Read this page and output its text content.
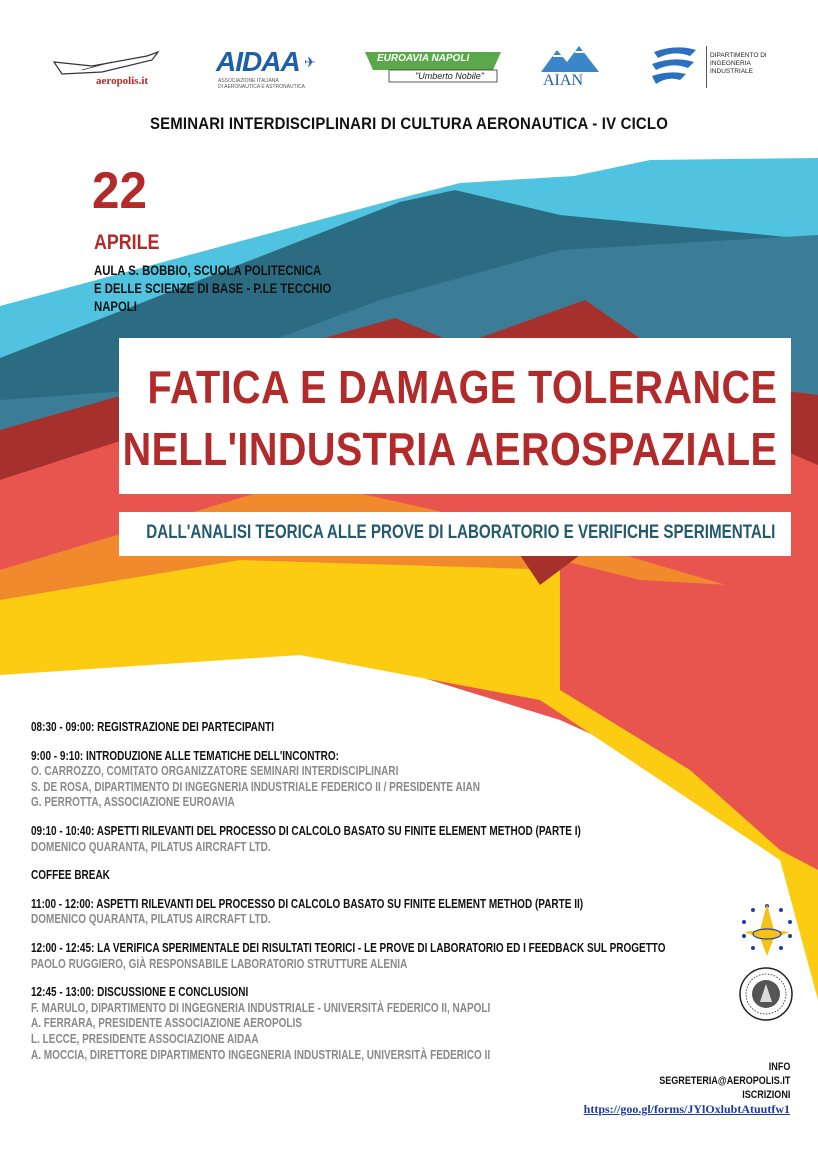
aeropolis.it
AIDAA ✈
ASSOCIAZIONE ITALIANA
DI AERONAUTICA E ASTRONAUTICA
EUROAVIA NAPOLI
"Umberto Nobile"	AIAN
DIPARTIMENTO DI
INGEGNERIA
INDUSTRIALE
SEMINARI INTERDISCIPLINARI DI CULTURA AERONAUTICA - IV CICLO
22
APRILE
AULA S. BOBBIO, SCUOLA POLITECNICA
E DELLE SCIENZE DI BASE - P.LE TECCHIO
NAPOLI
FATICA E DAMAGE TOLERANCE
NELL'INDUSTRIA AEROSPAZIALE
DALL'ANALISI TEORICA ALLE PROVE DI LABORATORIO E VERIFICHE SPERIMENTALI
08:30 - 09:00: REGISTRAZIONE DEI PARTECIPANTI
9:00 - 9:10: INTRODUZIONE ALLE TEMATICHE DELL'INCONTRO:
O. CARROZZO, COMITATO ORGANIZZATORE SEMINARI INTERDISCIPLINARI
S. DE ROSA, DIPARTIMENTO DI INGEGNERIA INDUSTRIALE FEDERICO II / PRESIDENTE AIAN
G. PERROTTA, ASSOCIAZIONE EUROAVIA
09:10 - 10:40: ASPETTI RILEVANTI DEL PROCESSO DI CALCOLO BASATO SU FINITE ELEMENT METHOD (PARTE I)
DOMENICO QUARANTA, PILATUS AIRCRAFT LTD.
COFFEE BREAK
11:00 - 12:00: ASPETTI RILEVANTI DEL PROCESSO DI CALCOLO BASATO SU FINITE ELEMENT METHOD (PARTE II)
DOMENICO QUARANTA, PILATUS AIRCRAFT LTD.
12:00 - 12:45: LA VERIFICA SPERIMENTALE DEI RISULTATI TEORICI - LE PROVE DI LABORATORIO ED I FEEDBACK SUL PROGETTO
PAOLO RUGGIERO, GIÀ RESPONSABILE LABORATORIO STRUTTURE ALENIA
12:45 - 13:00: DISCUSSIONE E CONCLUSIONI
F. MARULO, DIPARTIMENTO DI INGEGNERIA INDUSTRIALE - UNIVERSITÀ FEDERICO II, NAPOLI
A. FERRARA, PRESIDENTE ASSOCIAZIONE AEROPOLIS
L. LECCE, PRESIDENTE ASSOCIAZIONE AIDAA
A. MOCCIA, DIRETTORE DIPARTIMENTO INGEGNERIA INDUSTRIALE, UNIVERSITÀ FEDERICO II
INFO
SEGRETERIA@AEROPOLIS.IT
ISCRIZIONI
https://goo.gl/forms/JYlOxlubtAtuutfw1
